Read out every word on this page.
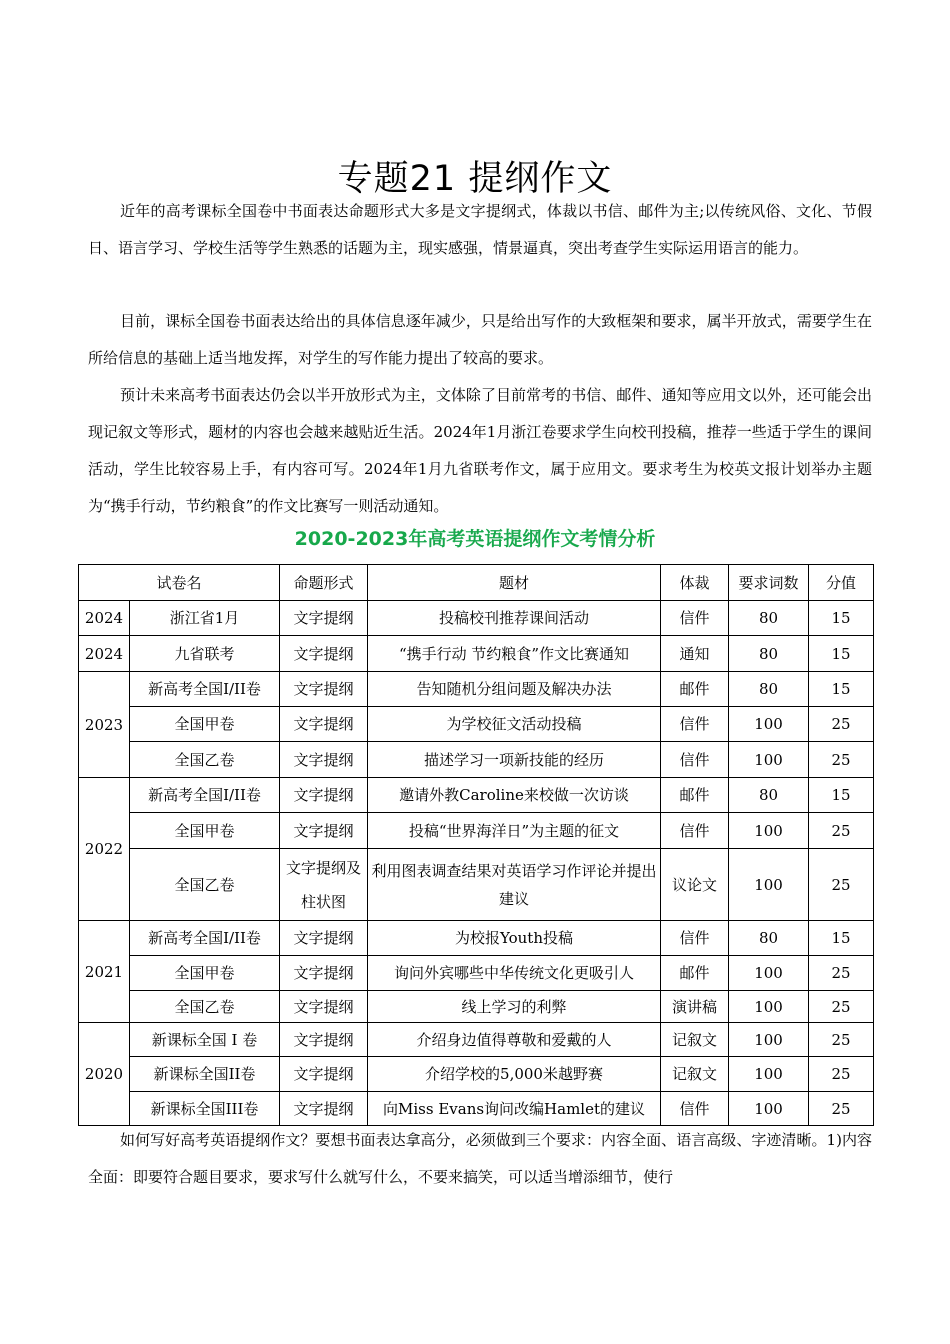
专题21 提纲作文

近年的高考课标全国卷中书面表达命题形式大多是文字提纲式，体裁以书信、邮件为主;以传统风俗、文化、节假日、语言学习、学校生活等学生熟悉的话题为主，现实感强，情景逼真，突出考查学生实际运用语言的能力。

目前，课标全国卷书面表达给出的具体信息逐年减少，只是给出写作的大致框架和要求，属半开放式，需要学生在所给信息的基础上适当地发挥，对学生的写作能力提出了较高的要求。

预计未来高考书面表达仍会以半开放形式为主，文体除了目前常考的书信、邮件、通知等应用文以外，还可能会出现记叙文等形式，题材的内容也会越来越贴近生活。2024年1月浙江卷要求学生向校刊投稿，推荐一些适于学生的课间活动，学生比较容易上手，有内容可写。2024年1月九省联考作文，属于应用文。要求考生为校英文报计划举办主题为“携手行动，节约粮食”的作文比赛写一则活动通知。

2020-2023年高考英语提纲作文考情分析
试卷名		命题形式	题材	体裁	要求词数	分值
2024	浙江省1月	文字提纲	投稿校刊推荐课间活动	信件	80	15
2024	九省联考	文字提纲	“携手行动 节约粮食”作文比赛通知	通知	80	15
2023	新高考全国I/II卷	文字提纲	告知随机分组问题及解决办法	邮件	80	15
	全国甲卷	文字提纲	为学校征文活动投稿	信件	100	25
	全国乙卷	文字提纲	描述学习一项新技能的经历	信件	100	25
2022	新高考全国I/II卷	文字提纲	邀请外教Caroline来校做一次访谈	邮件	80	15
	全国甲卷	文字提纲	投稿“世界海洋日”为主题的征文	信件	100	25
	全国乙卷	文字提纲及柱状图	利用图表调查结果对英语学习作评论并提出建议	议论文	100	25
2021	新高考全国I/II卷	文字提纲	为校报Youth投稿	信件	80	15
	全国甲卷	文字提纲	询问外宾哪些中华传统文化更吸引人	邮件	100	25
	全国乙卷	文字提纲	线上学习的利弊	演讲稿	100	25
2020	新课标全国 I 卷	文字提纲	介绍身边值得尊敬和爱戴的人	记叙文	100	25
	新课标全国II卷	文字提纲	介绍学校的5,000米越野赛	记叙文	100	25
	新课标全国III卷	文字提纲	向Miss Evans询问改编Hamlet的建议	信件	100	25

如何写好高考英语提纲作文？要想书面表达拿高分，必须做到三个要求：内容全面、语言高级、字迹清晰。1)内容全面：即要符合题目要求，要求写什么就写什么，不要来搞笑，可以适当增添细节，使行
